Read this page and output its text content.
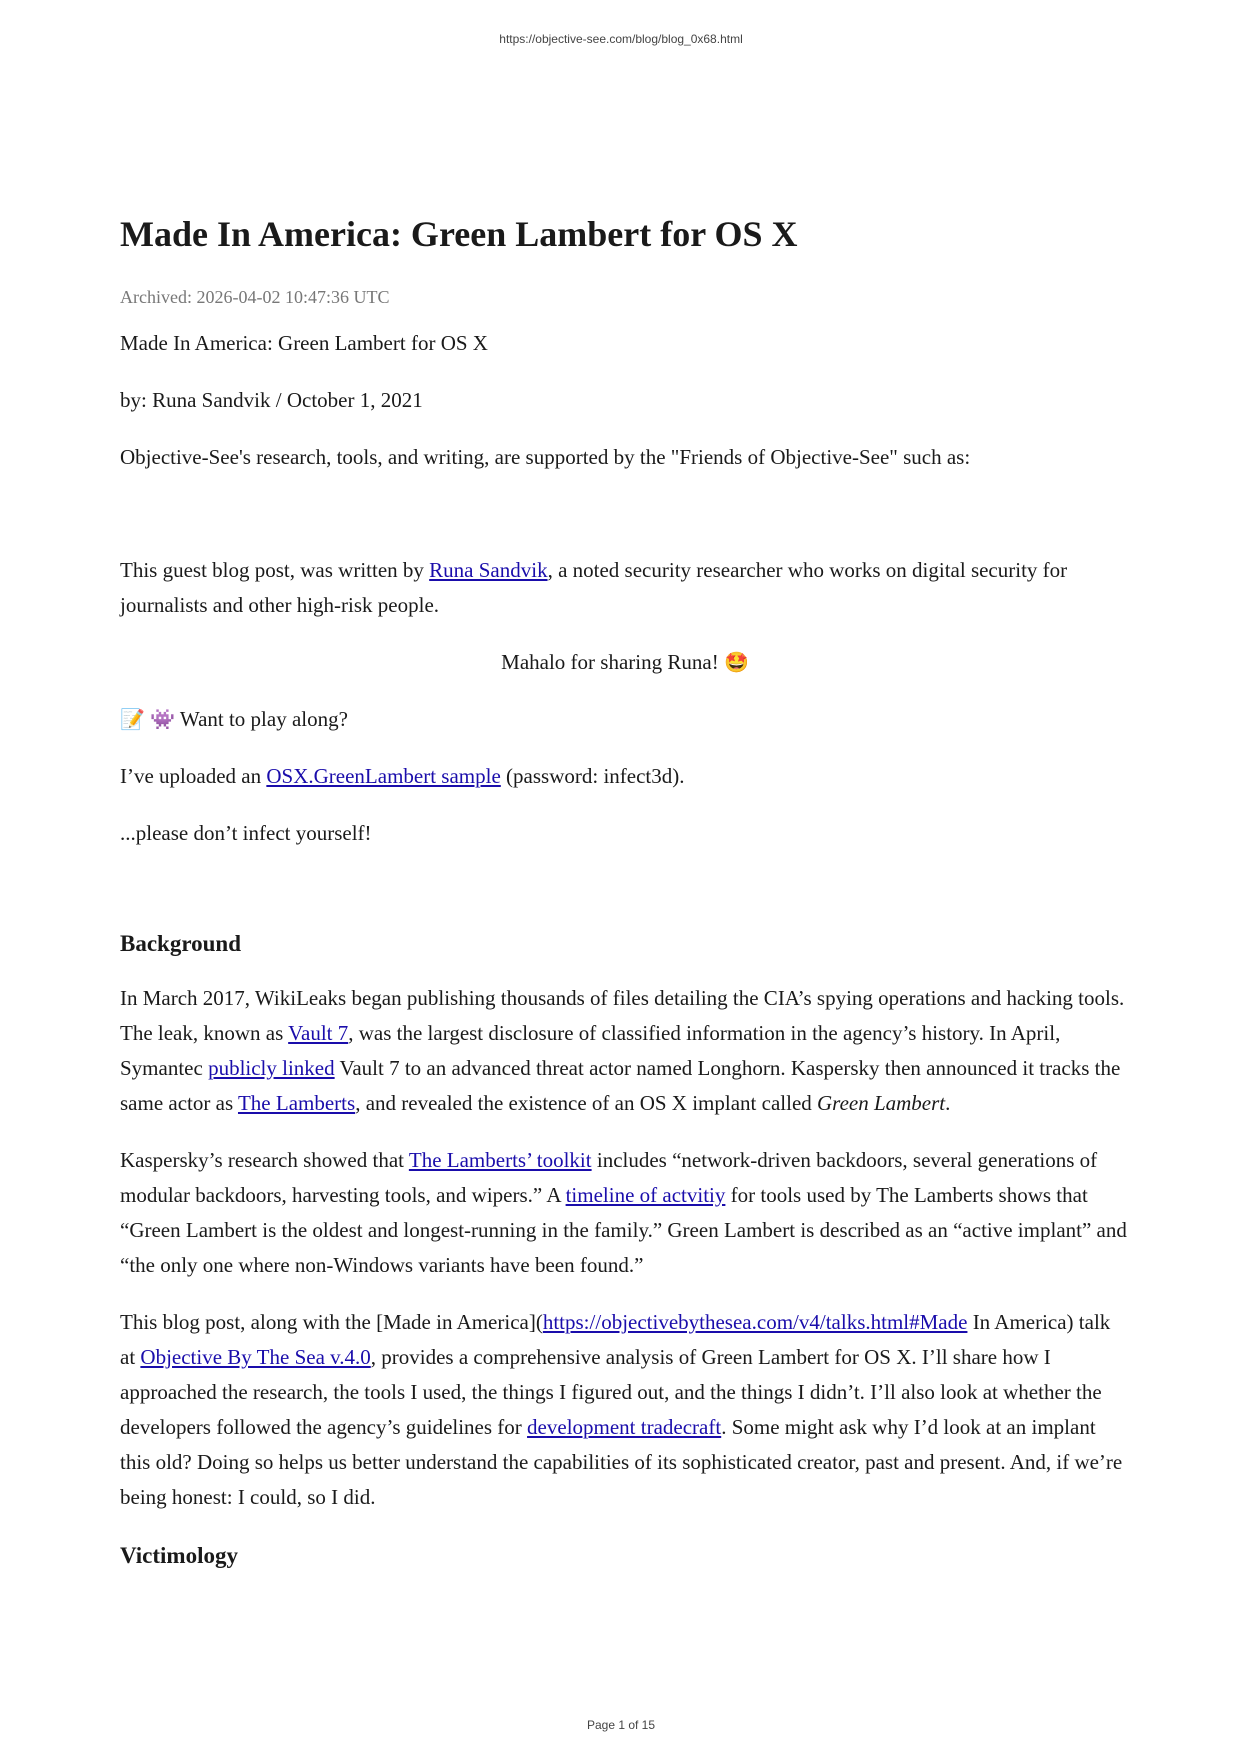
https://objective-see.com/blog/blog_0x68.html
Made In America: Green Lambert for OS X
Archived: 2026-04-02 10:47:36 UTC

Made In America: Green Lambert for OS X

by: Runa Sandvik / October 1, 2021

Objective-See's research, tools, and writing, are supported by the "Friends of Objective-See" such as:

This guest blog post, was written by Runa Sandvik, a noted security researcher who works on digital security for journalists and other high-risk people.

Mahalo for sharing Runa! 🤩

📝 👾 Want to play along?

I’ve uploaded an OSX.GreenLambert sample (password: infect3d).

...please don’t infect yourself!

Background

In March 2017, WikiLeaks began publishing thousands of files detailing the CIA’s spying operations and hacking tools. The leak, known as Vault 7, was the largest disclosure of classified information in the agency’s history. In April, Symantec publicly linked Vault 7 to an advanced threat actor named Longhorn. Kaspersky then announced it tracks the same actor as The Lamberts, and revealed the existence of an OS X implant called Green Lambert.

Kaspersky’s research showed that The Lamberts’ toolkit includes “network-driven backdoors, several generations of modular backdoors, harvesting tools, and wipers.” A timeline of actvitiy for tools used by The Lamberts shows that “Green Lambert is the oldest and longest-running in the family.” Green Lambert is described as an “active implant” and “the only one where non-Windows variants have been found.”

This blog post, along with the [Made in America](https://objectivebythesea.com/v4/talks.html#Made In America) talk at Objective By The Sea v.4.0, provides a comprehensive analysis of Green Lambert for OS X. I’ll share how I approached the research, the tools I used, the things I figured out, and the things I didn’t. I’ll also look at whether the developers followed the agency’s guidelines for development tradecraft. Some might ask why I’d look at an implant this old? Doing so helps us better understand the capabilities of its sophisticated creator, past and present. And, if we’re being honest: I could, so I did.

Victimology
Page 1 of 15
